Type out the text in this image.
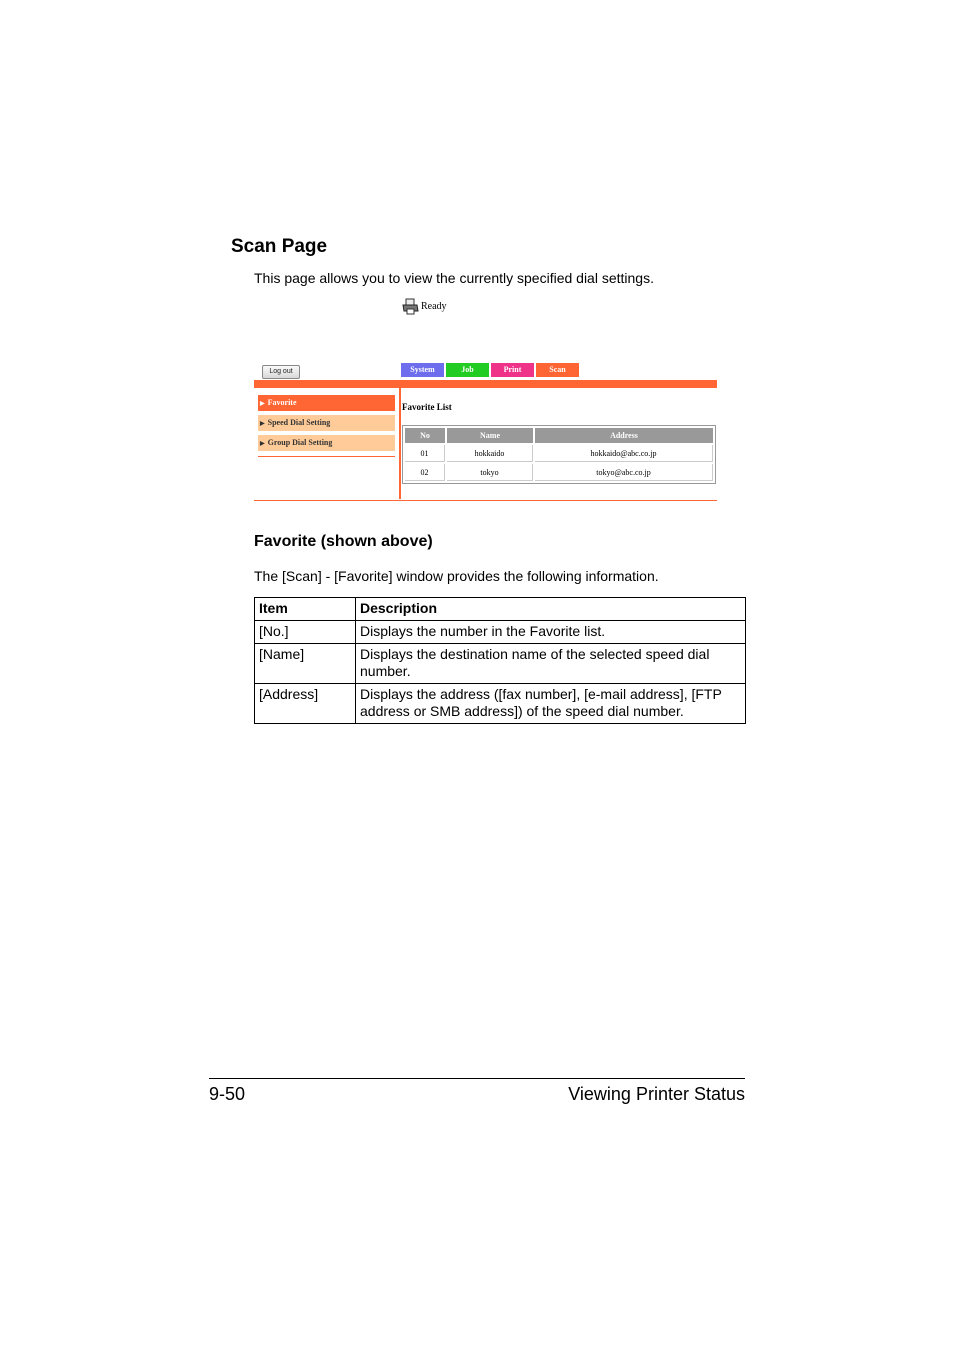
Scan Page
This page allows you to view the currently specified dial settings.
Ready
Log out	System	Job	Print	Scan
▶ Favorite
▶ Speed Dial Setting
▶ Group Dial Setting
Favorite List
No	Name	Address
01	hokkaido	hokkaido@abc.co.jp
02	tokyo	tokyo@abc.co.jp
Favorite (shown above)
The [Scan] - [Favorite] window provides the following information.
Item	Description
[No.]	Displays the number in the Favorite list.
[Name]	Displays the destination name of the selected speed dial number.
[Address]	Displays the address ([fax number], [e-mail address], [FTP address or SMB address]) of the speed dial number.
9-50	Viewing Printer Status
